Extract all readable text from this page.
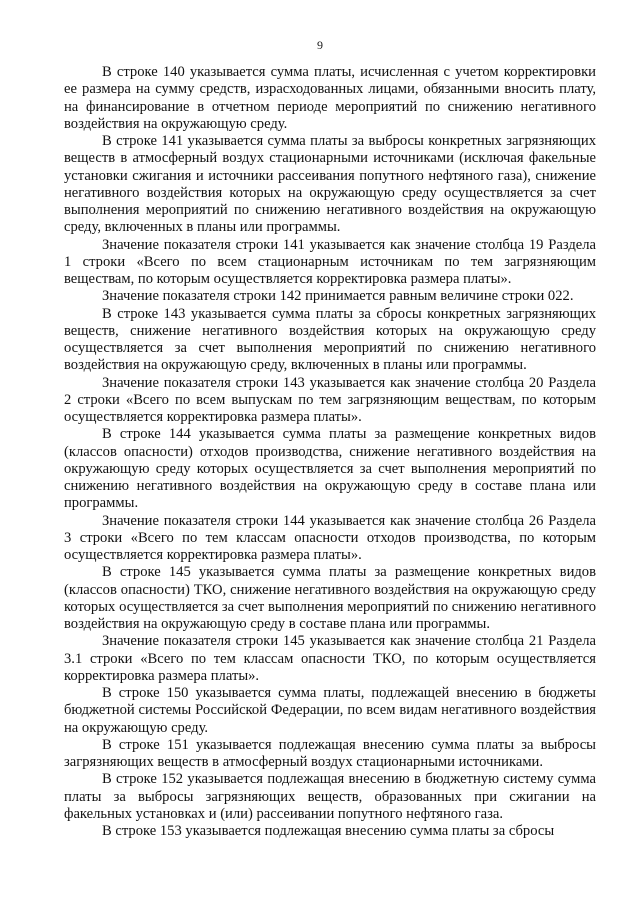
9

В строке 140 указывается сумма платы, исчисленная с учетом корректировки ее размера на сумму средств, израсходованных лицами, обязанными вносить плату, на финансирование в отчетном периоде мероприятий по снижению негативного воздействия на окружающую среду.

В строке 141 указывается сумма платы за выбросы конкретных загрязняющих веществ в атмосферный воздух стационарными источниками (исключая факельные установки сжигания и источники рассеивания попутного нефтяного газа), снижение негативного воздействия которых на окружающую среду осуществляется за счет выполнения мероприятий по снижению негативного воздействия на окружающую среду, включенных в планы или программы.

Значение показателя строки 141 указывается как значение столбца 19 Раздела 1 строки «Всего по всем стационарным источникам по тем загрязняющим веществам, по которым осуществляется корректировка размера платы».

Значение показателя строки 142 принимается равным величине строки 022.

В строке 143 указывается сумма платы за сбросы конкретных загрязняющих веществ, снижение негативного воздействия которых на окружающую среду осуществляется за счет выполнения мероприятий по снижению негативного воздействия на окружающую среду, включенных в планы или программы.

Значение показателя строки 143 указывается как значение столбца 20 Раздела 2 строки «Всего по всем выпускам по тем загрязняющим веществам, по которым осуществляется корректировка размера платы».

В строке 144 указывается сумма платы за размещение конкретных видов (классов опасности) отходов производства, снижение негативного воздействия на окружающую среду которых осуществляется за счет выполнения мероприятий по снижению негативного воздействия на окружающую среду в составе плана или программы.

Значение показателя строки 144 указывается как значение столбца 26 Раздела 3 строки «Всего по тем классам опасности отходов производства, по которым осуществляется корректировка размера платы».

В строке 145 указывается сумма платы за размещение конкретных видов (классов опасности) ТКО, снижение негативного воздействия на окружающую среду которых осуществляется за счет выполнения мероприятий по снижению негативного воздействия на окружающую среду в составе плана или программы.

Значение показателя строки 145 указывается как значение столбца 21 Раздела 3.1 строки «Всего по тем классам опасности ТКО, по которым осуществляется корректировка размера платы».

В строке 150 указывается сумма платы, подлежащей внесению в бюджеты бюджетной системы Российской Федерации, по всем видам негативного воздействия на окружающую среду.

В строке 151 указывается подлежащая внесению сумма платы за выбросы загрязняющих веществ в атмосферный воздух стационарными источниками.

В строке 152 указывается подлежащая внесению в бюджетную систему сумма платы за выбросы загрязняющих веществ, образованных при сжигании на факельных установках и (или) рассеивании попутного нефтяного газа.

В строке 153 указывается подлежащая внесению сумма платы за сбросы
